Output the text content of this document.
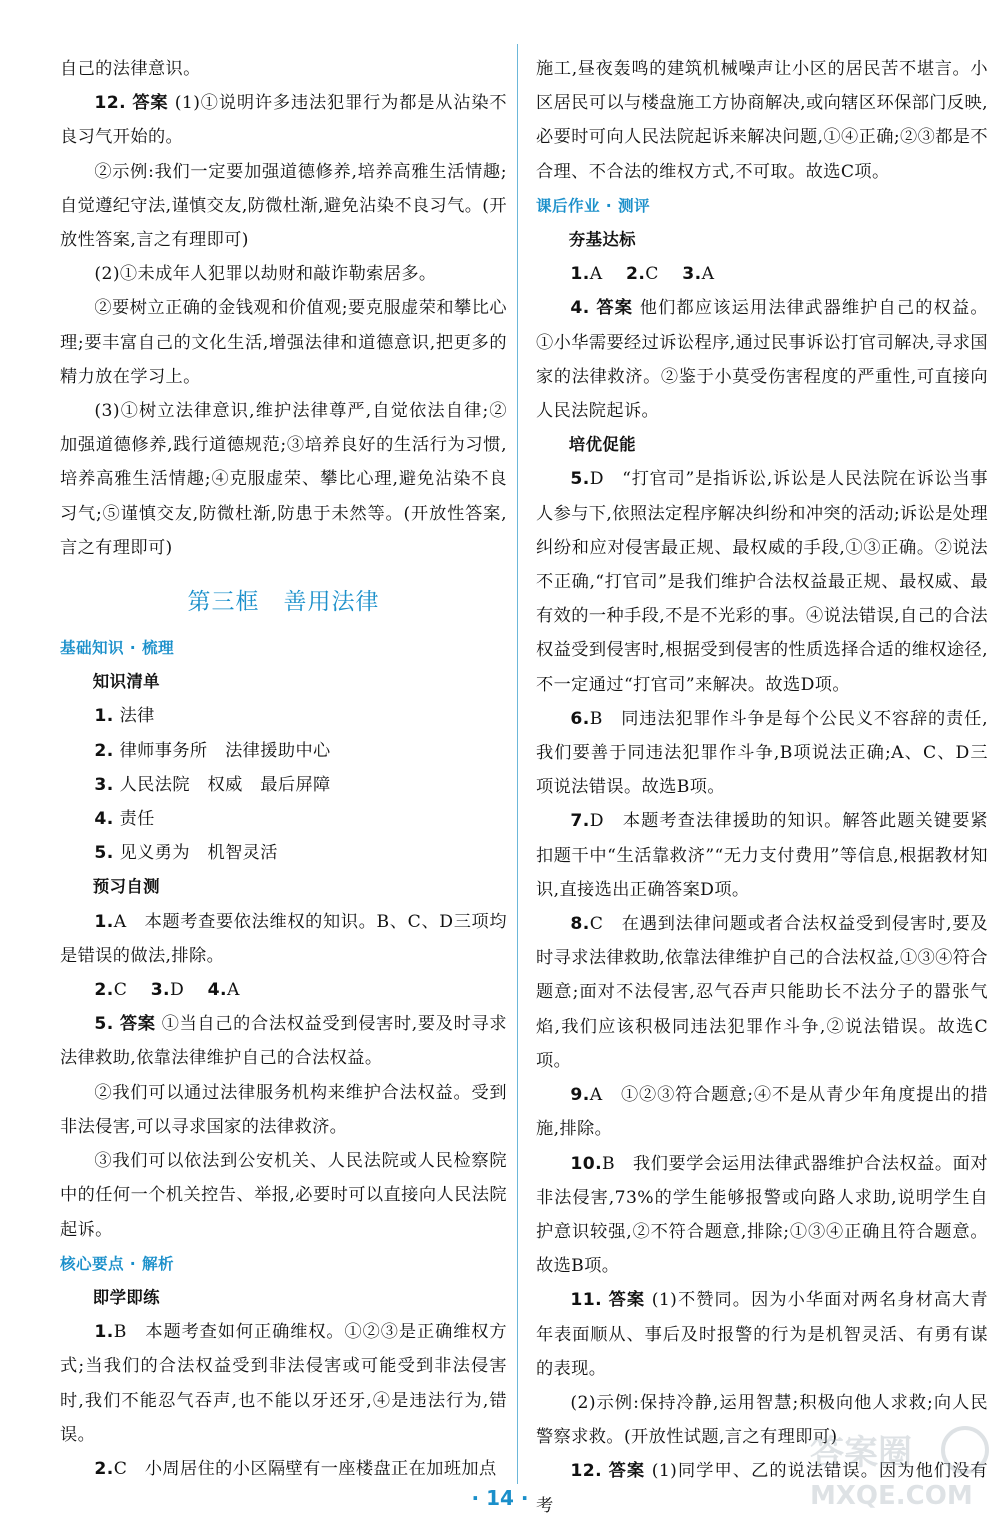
自己的法律意识。

12. 答案 (1)①说明许多违法犯罪行为都是从沾染不良习气开始的。

②示例:我们一定要加强道德修养,培养高雅生活情趣;自觉遵纪守法,谨慎交友,防微杜渐,避免沾染不良习气。(开放性答案,言之有理即可)

(2)①未成年人犯罪以劫财和敲诈勒索居多。

②要树立正确的金钱观和价值观;要克服虚荣和攀比心理;要丰富自己的文化生活,增强法律和道德意识,把更多的精力放在学习上。

(3)①树立法律意识,维护法律尊严,自觉依法自律;②加强道德修养,践行道德规范;③培养良好的生活行为习惯,培养高雅生活情趣;④克服虚荣、攀比心理,避免沾染不良习气;⑤谨慎交友,防微杜渐,防患于未然等。(开放性答案,言之有理即可)

第三框　善用法律

基础知识 · 梳理

知识清单

1. 法律

2. 律师事务所　法律援助中心

3. 人民法院　权威　最后屏障

4. 责任

5. 见义勇为　机智灵活

预习自测

1.A　本题考查要依法维权的知识。B、C、D三项均是错误的做法,排除。

2.C　 3.D　 4.A

5. 答案 ①当自己的合法权益受到侵害时,要及时寻求法律救助,依靠法律维护自己的合法权益。

②我们可以通过法律服务机构来维护合法权益。受到非法侵害,可以寻求国家的法律救济。

③我们可以依法到公安机关、人民法院或人民检察院中的任何一个机关控告、举报,必要时可以直接向人民法院起诉。

核心要点 · 解析

即学即练

1.B　本题考查如何正确维权。①②③是正确维权方式;当我们的合法权益受到非法侵害或可能受到非法侵害时,我们不能忍气吞声,也不能以牙还牙,④是违法行为,错误。

2.C　小周居住的小区隔壁有一座楼盘正在加班加点

施工,昼夜轰鸣的建筑机械噪声让小区的居民苦不堪言。小区居民可以与楼盘施工方协商解决,或向辖区环保部门反映,必要时可向人民法院起诉来解决问题,①④正确;②③都是不合理、不合法的维权方式,不可取。故选C项。

课后作业 · 测评

夯基达标

1.A　 2.C　 3.A

4. 答案 他们都应该运用法律武器维护自己的权益。①小华需要经过诉讼程序,通过民事诉讼打官司解决,寻求国家的法律救济。②鉴于小莫受伤害程度的严重性,可直接向人民法院起诉。

培优促能

5.D　“打官司”是指诉讼,诉讼是人民法院在诉讼当事人参与下,依照法定程序解决纠纷和冲突的活动;诉讼是处理纠纷和应对侵害最正规、最权威的手段,①③正确。②说法不正确,“打官司”是我们维护合法权益最正规、最权威、最有效的一种手段,不是不光彩的事。④说法错误,自己的合法权益受到侵害时,根据受到侵害的性质选择合适的维权途径,不一定通过“打官司”来解决。故选D项。

6.B　同违法犯罪作斗争是每个公民义不容辞的责任,我们要善于同违法犯罪作斗争,B项说法正确;A、C、D三项说法错误。故选B项。

7.D　本题考查法律援助的知识。解答此题关键要紧扣题干中“生活靠救济”“无力支付费用”等信息,根据教材知识,直接选出正确答案D项。

8.C　在遇到法律问题或者合法权益受到侵害时,要及时寻求法律救助,依靠法律维护自己的合法权益,①③④符合题意;面对不法侵害,忍气吞声只能助长不法分子的嚣张气焰,我们应该积极同违法犯罪作斗争,②说法错误。故选C项。

9.A　①②③符合题意;④不是从青少年角度提出的措施,排除。

10.B　我们要学会运用法律武器维护合法权益。面对非法侵害,73%的学生能够报警或向路人求助,说明学生自护意识较强,②不符合题意,排除;①③④正确且符合题意。故选B项。

11. 答案 (1)不赞同。因为小华面对两名身材高大青年表面顺从、事后及时报警的行为是机智灵活、有勇有谋的表现。

(2)示例:保持冷静,运用智慧;积极向他人求救;向人民警察求救。(开放性试题,言之有理即可)

12. 答案 (1)同学甲、乙的说法错误。因为他们没有考

答案圈
MXQE.COM
· 14 ·
